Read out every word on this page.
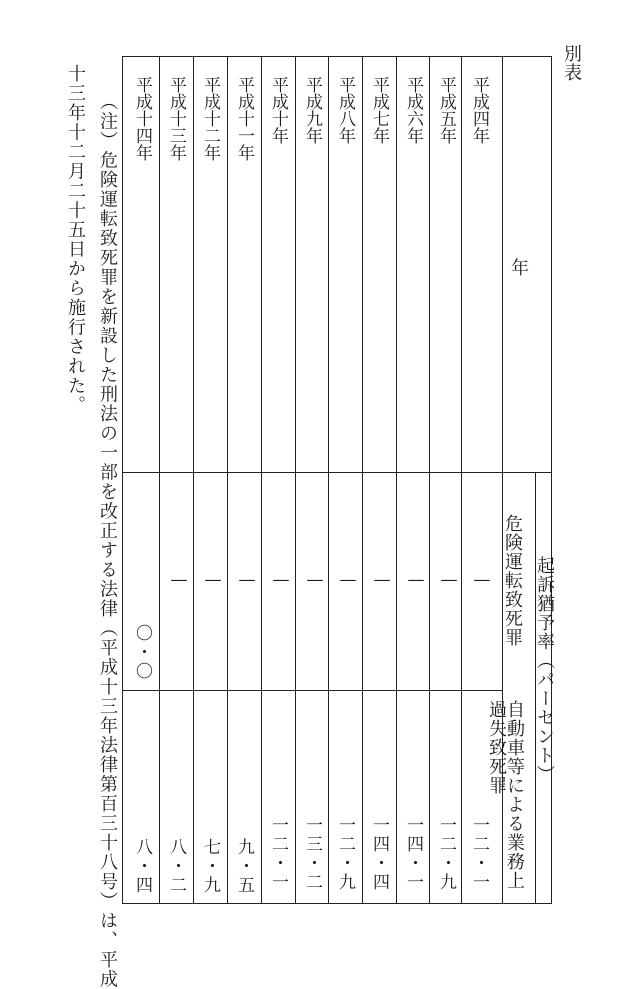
別表
年
起訴猶予率（パーセント）
危険運転致死罪
自動車等による業務上過失致死罪
平成四年
平成五年
平成六年
平成七年
平成八年
平成九年
平成十年
平成十一年
平成十二年
平成十三年
平成十四年
—
—
—
—
—
—
—
—
—
—
〇・〇
一二・一
一二・九
一四・一
一四・四
一二・九
一三・二
一二・一
九・五
七・九
八・二
八・四
（注）危険運転致死罪を新設した刑法の一部を改正する法律（平成十三年法律第百三十八号）は、平成
十三年十二月二十五日から施行された。
